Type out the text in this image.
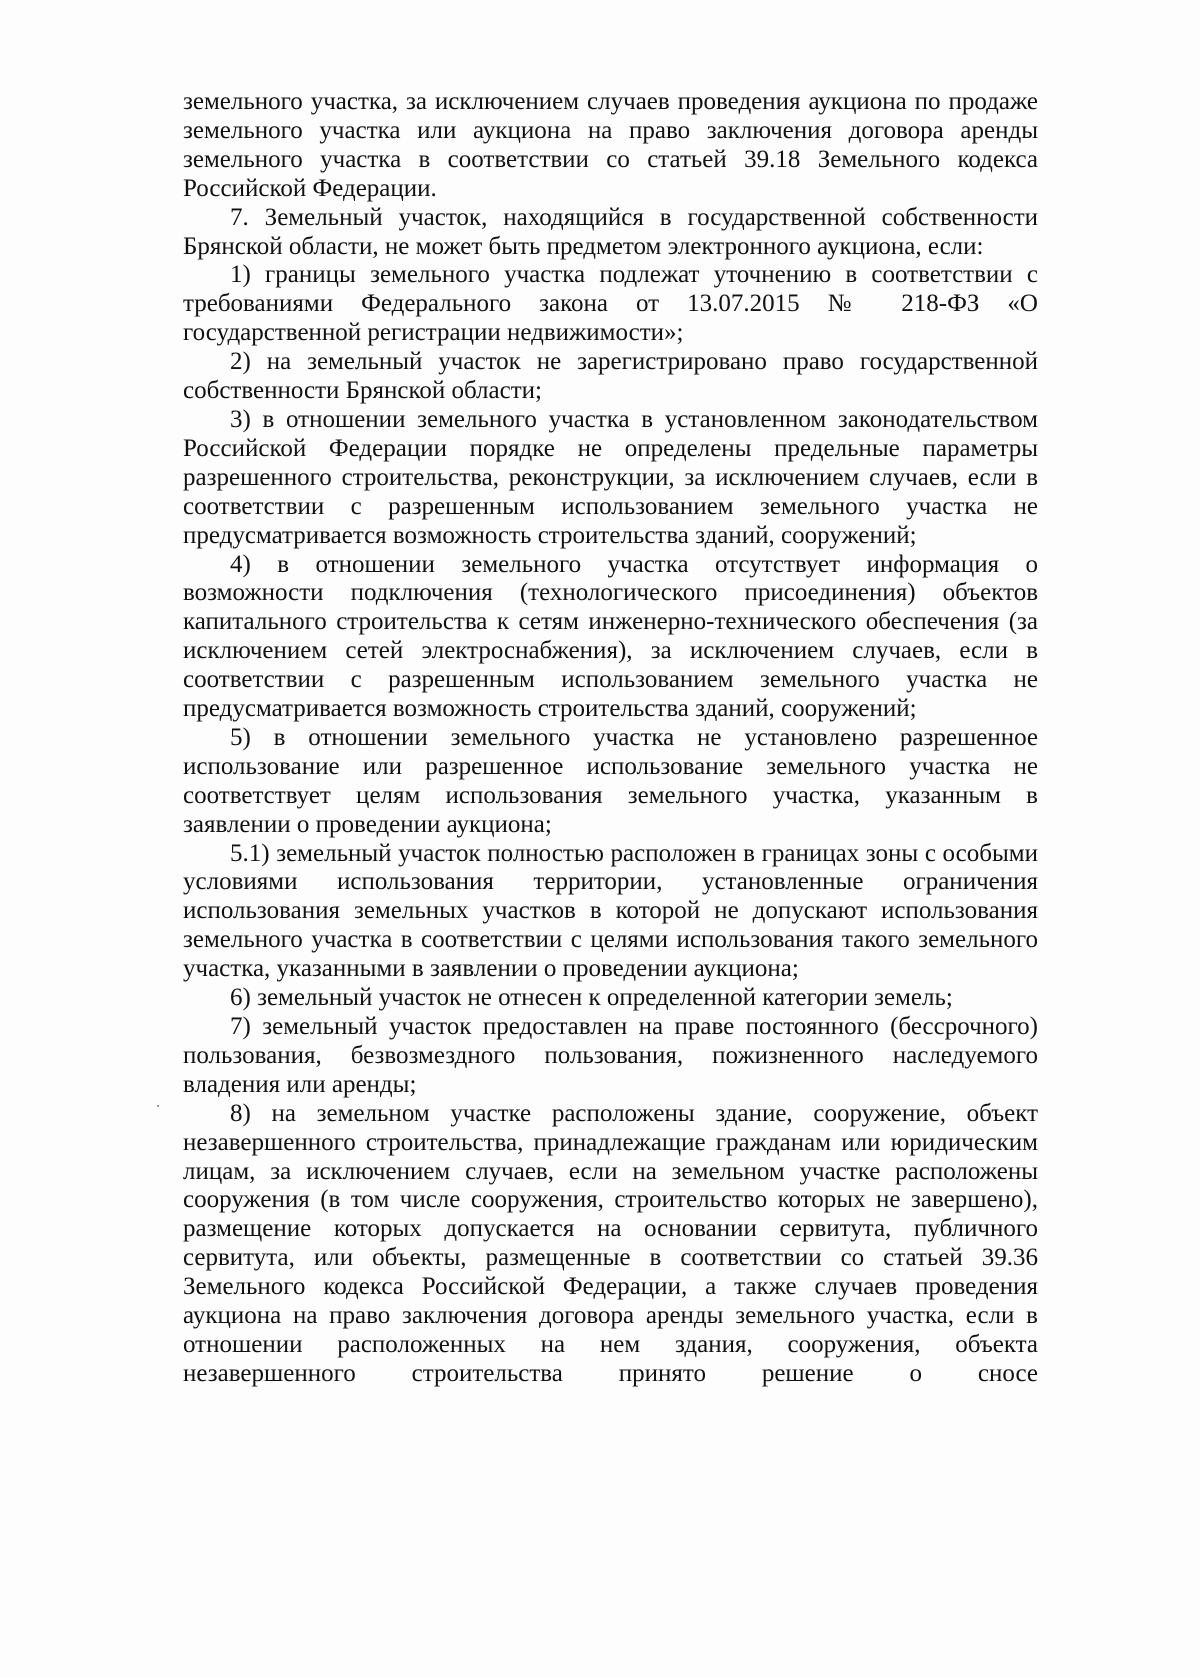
земельного участка, за исключением случаев проведения аукциона по продаже земельного участка или аукциона на право заключения договора аренды земельного участка в соответствии со статьей 39.18 Земельного кодекса Российской Федерации.

7. Земельный участок, находящийся в государственной собственности Брянской области, не может быть предметом электронного аукциона, если:

1) границы земельного участка подлежат уточнению в соответствии с требованиями Федерального закона от 13.07.2015 № 218-ФЗ «О государственной регистрации недвижимости»;

2) на земельный участок не зарегистрировано право государственной собственности Брянской области;

3) в отношении земельного участка в установленном законодательством Российской Федерации порядке не определены предельные параметры разрешенного строительства, реконструкции, за исключением случаев, если в соответствии с разрешенным использованием земельного участка не предусматривается возможность строительства зданий, сооружений;

4) в отношении земельного участка отсутствует информация о возможности подключения (технологического присоединения) объектов капитального строительства к сетям инженерно-технического обеспечения (за исключением сетей электроснабжения), за исключением случаев, если в соответствии с разрешенным использованием земельного участка не предусматривается возможность строительства зданий, сооружений;

5) в отношении земельного участка не установлено разрешенное использование или разрешенное использование земельного участка не соответствует целям использования земельного участка, указанным в заявлении о проведении аукциона;

5.1) земельный участок полностью расположен в границах зоны с особыми условиями использования территории, установленные ограничения использования земельных участков в которой не допускают использования земельного участка в соответствии с целями использования такого земельного участка, указанными в заявлении о проведении аукциона;

6) земельный участок не отнесен к определенной категории земель;

7) земельный участок предоставлен на праве постоянного (бессрочного) пользования, безвозмездного пользования, пожизненного наследуемого владения или аренды;

8) на земельном участке расположены здание, сооружение, объект незавершенного строительства, принадлежащие гражданам или юридическим лицам, за исключением случаев, если на земельном участке расположены сооружения (в том числе сооружения, строительство которых не завершено), размещение которых допускается на основании сервитута, публичного сервитута, или объекты, размещенные в соответствии со статьей 39.36 Земельного кодекса Российской Федерации, а также случаев проведения аукциона на право заключения договора аренды земельного участка, если в отношении расположенных на нем здания, сооружения, объекта незавершенного строительства принято решение о сносе
